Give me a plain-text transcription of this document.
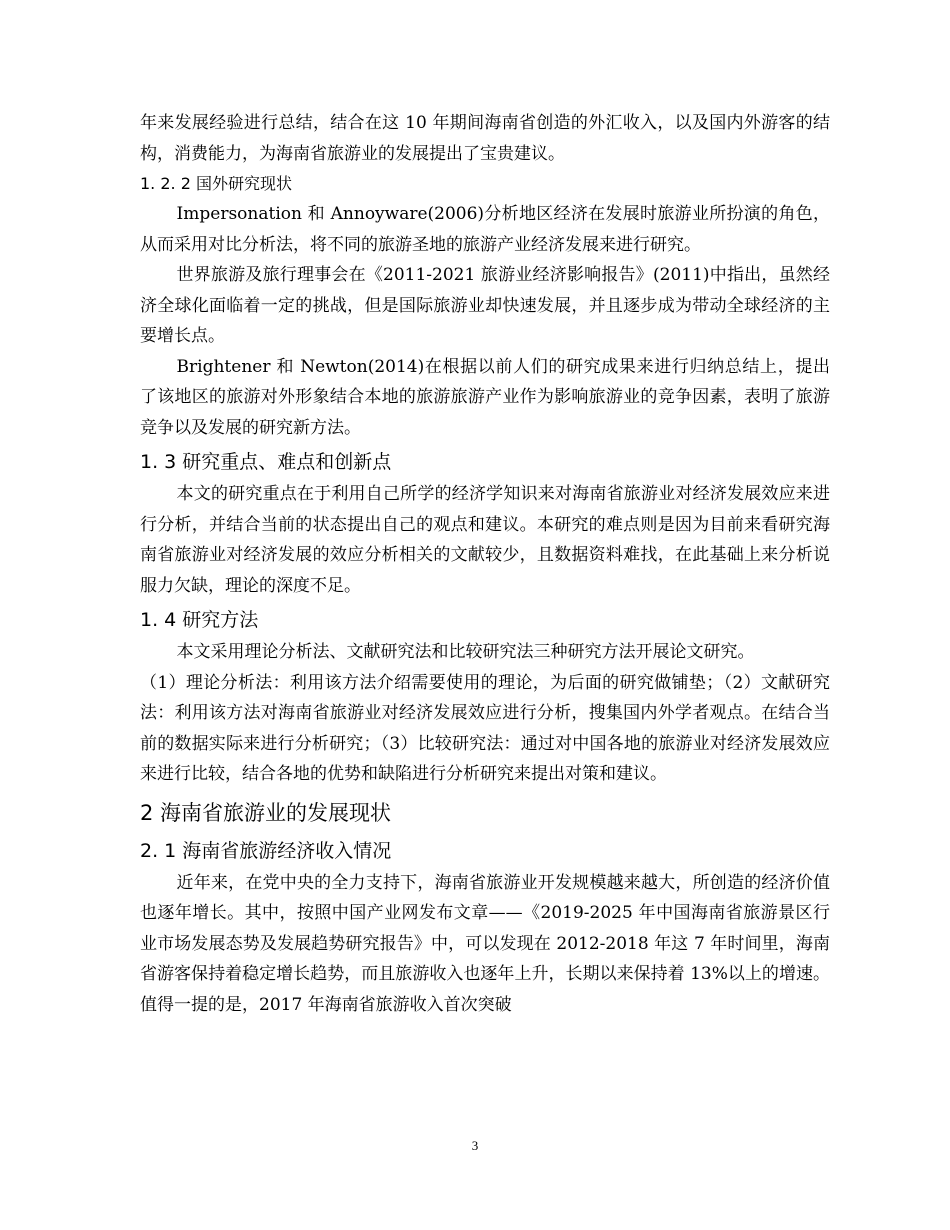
年来发展经验进行总结，结合在这 10 年期间海南省创造的外汇收入，以及国内外游客的结构，消费能力，为海南省旅游业的发展提出了宝贵建议。

1. 2. 2 国外研究现状

Impersonation 和 Annoyware(2006)分析地区经济在发展时旅游业所扮演的角色，从而采用对比分析法，将不同的旅游圣地的旅游产业经济发展来进行研究。

世界旅游及旅行理事会在《2011-2021 旅游业经济影响报告》(2011)中指出，虽然经济全球化面临着一定的挑战，但是国际旅游业却快速发展，并且逐步成为带动全球经济的主要增长点。

Brightener 和 Newton(2014)在根据以前人们的研究成果来进行归纳总结上，提出了该地区的旅游对外形象结合本地的旅游旅游产业作为影响旅游业的竞争因素，表明了旅游竞争以及发展的研究新方法。

1. 3 研究重点、难点和创新点

本文的研究重点在于利用自己所学的经济学知识来对海南省旅游业对经济发展效应来进行分析，并结合当前的状态提出自己的观点和建议。本研究的难点则是因为目前来看研究海南省旅游业对经济发展的效应分析相关的文献较少，且数据资料难找，在此基础上来分析说服力欠缺，理论的深度不足。

1. 4 研究方法

本文采用理论分析法、文献研究法和比较研究法三种研究方法开展论文研究。

（1）理论分析法：利用该方法介绍需要使用的理论，为后面的研究做铺垫；（2）文献研究法：利用该方法对海南省旅游业对经济发展效应进行分析，搜集国内外学者观点。在结合当前的数据实际来进行分析研究；（3）比较研究法：通过对中国各地的旅游业对经济发展效应来进行比较，结合各地的优势和缺陷进行分析研究来提出对策和建议。

2 海南省旅游业的发展现状
2. 1 海南省旅游经济收入情况

近年来，在党中央的全力支持下，海南省旅游业开发规模越来越大，所创造的经济价值也逐年增长。其中，按照中国产业网发布文章——《2019-2025 年中国海南省旅游景区行业市场发展态势及发展趋势研究报告》中，可以发现在 2012-2018 年这 7 年时间里，海南省游客保持着稳定增长趋势，而且旅游收入也逐年上升，长期以来保持着 13%以上的增速。值得一提的是，2017 年海南省旅游收入首次突破

3
